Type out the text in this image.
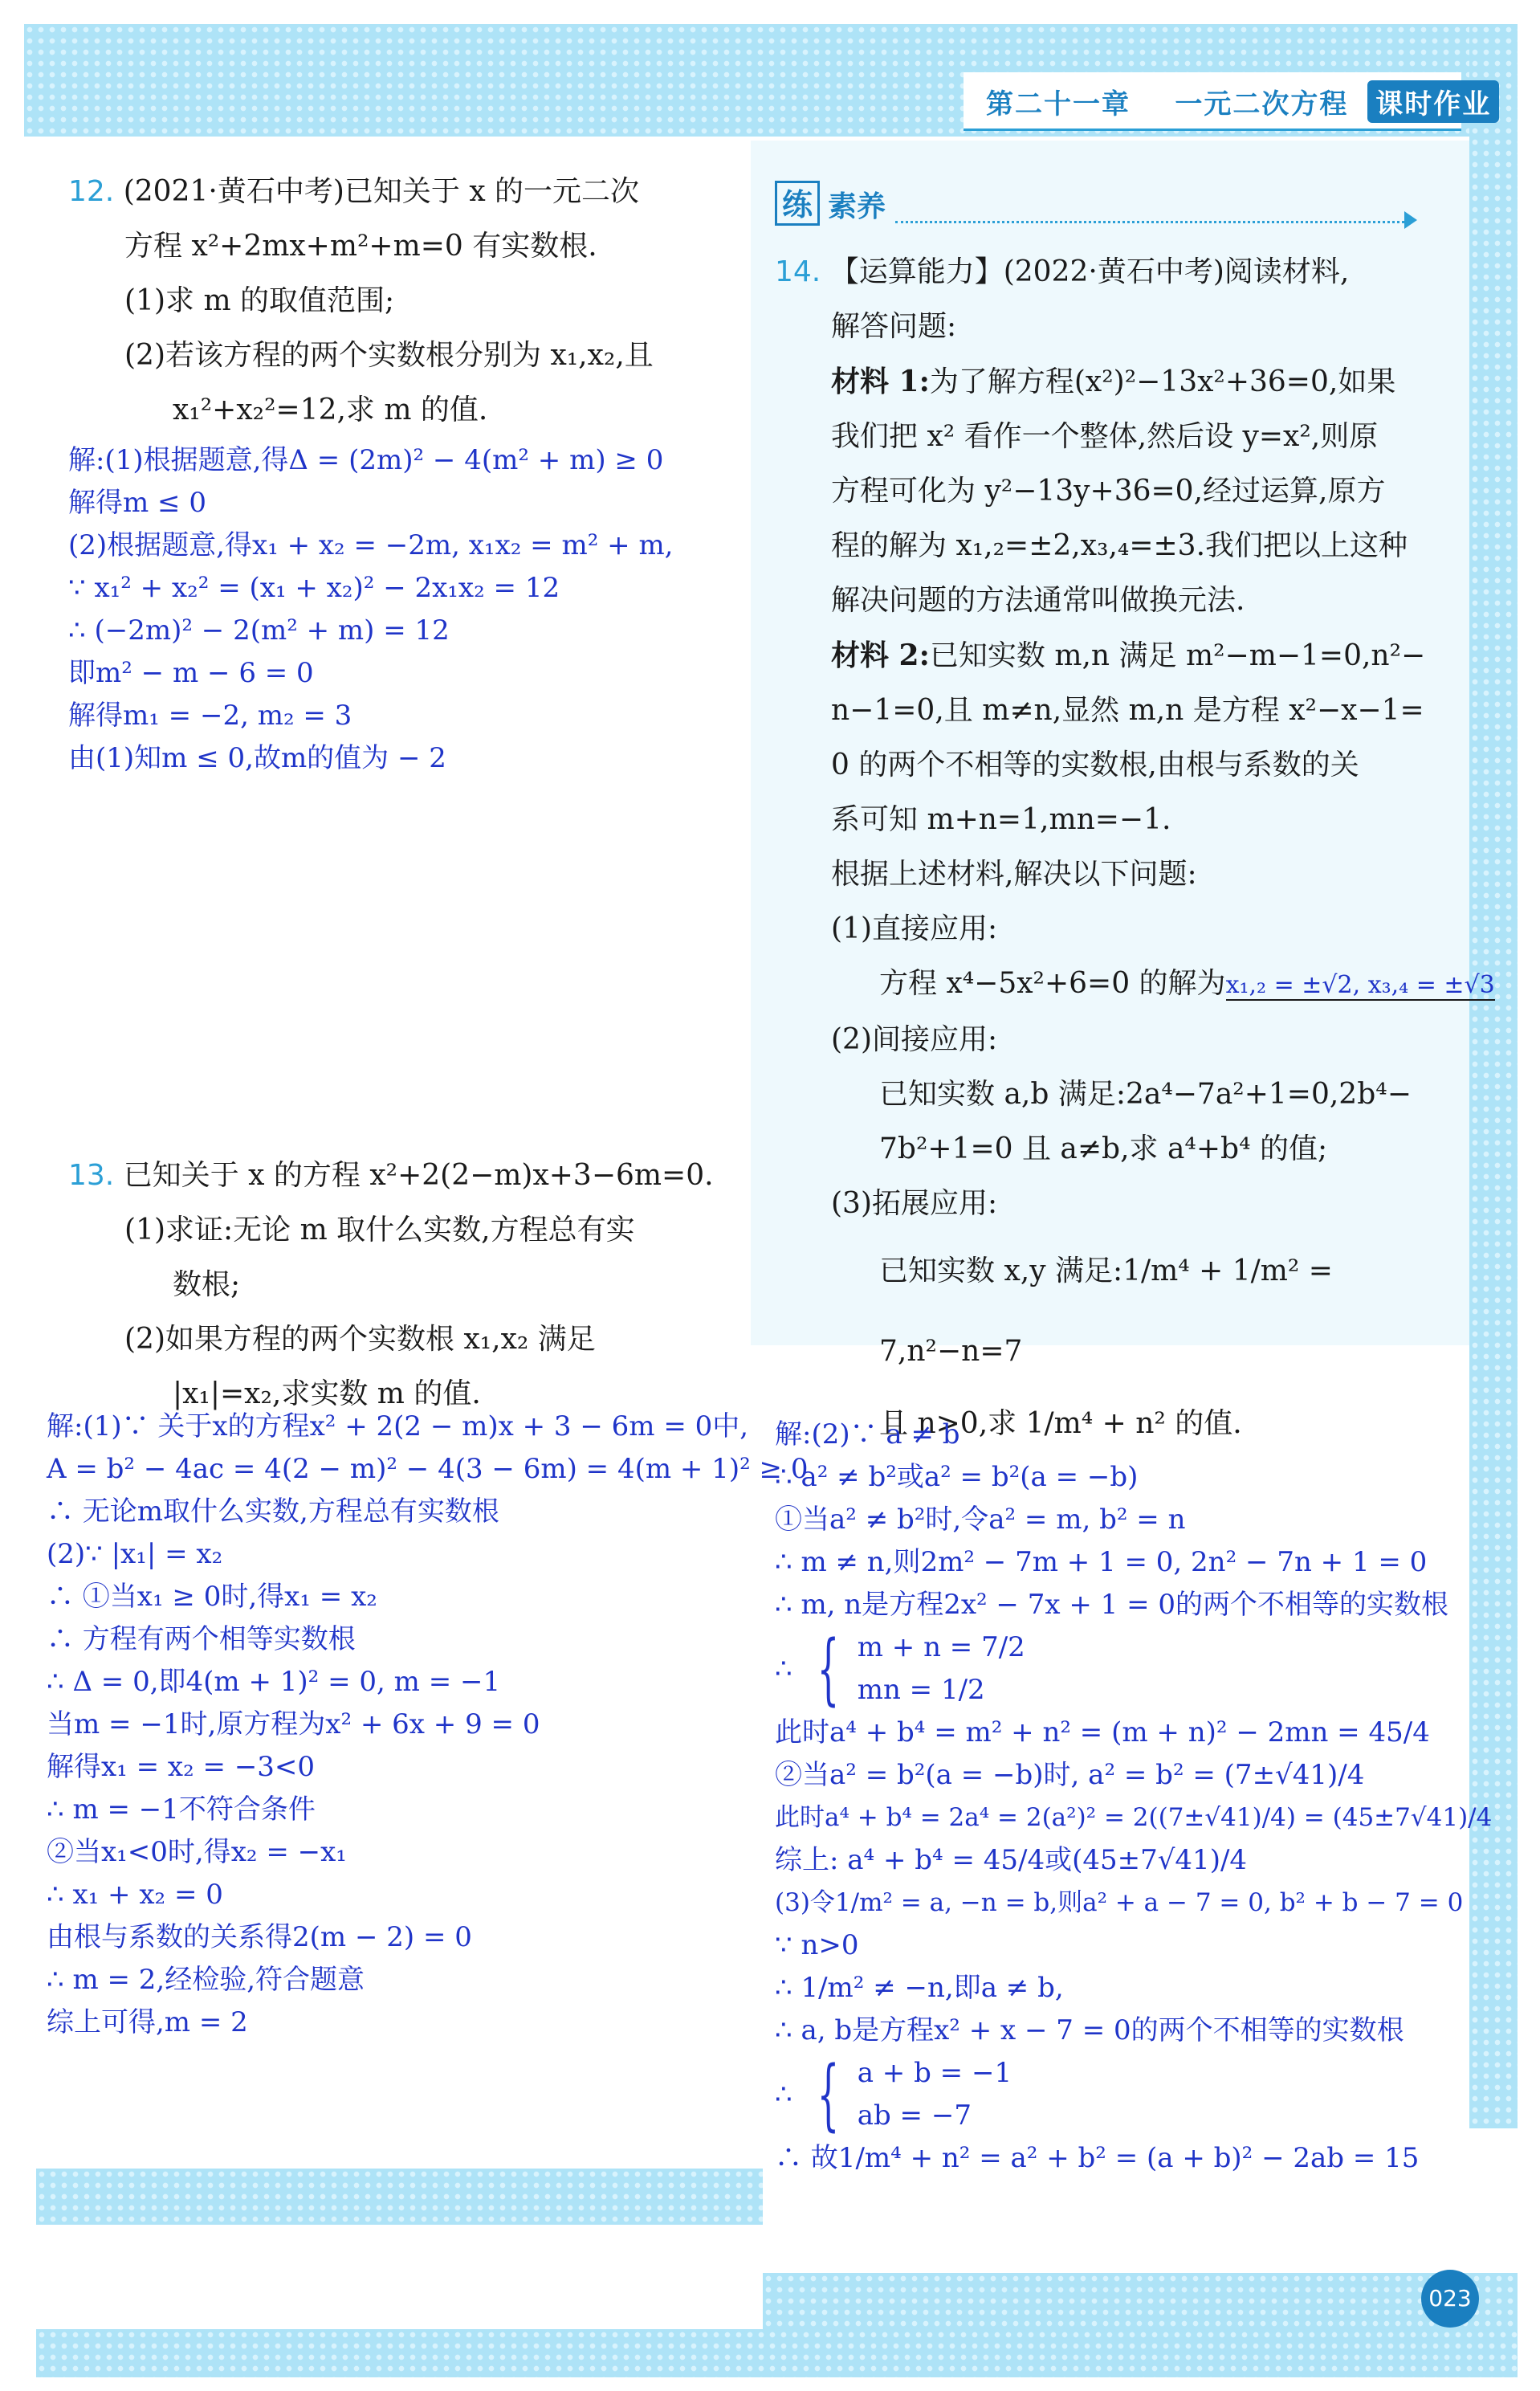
第二十一章 一元二次方程 课时作业
12. (2021·黄石中考)已知关于 x 的一元二次
方程 x²+2mx+m²+m=0 有实数根.
(1)求 m 的取值范围;
(2)若该方程的两个实数根分别为 x₁,x₂,且
x₁²+x₂²=12,求 m 的值.
解:(1)根据题意,得Δ = (2m)² − 4(m² + m) ≥ 0
解得m ≤ 0
(2)根据题意,得x₁ + x₂ = −2m, x₁x₂ = m² + m,
∵ x₁² + x₂² = (x₁ + x₂)² − 2x₁x₂ = 12
∴ (−2m)² − 2(m² + m) = 12
即m² − m − 6 = 0
解得m₁ = −2, m₂ = 3
由(1)知m ≤ 0,故m的值为 − 2
13. 已知关于 x 的方程 x²+2(2−m)x+3−6m=0.
(1)求证:无论 m 取什么实数,方程总有实
数根;
(2)如果方程的两个实数根 x₁,x₂ 满足
|x₁|=x₂,求实数 m 的值.
解:(1)∵ 关于x的方程x² + 2(2 − m)x + 3 − 6m = 0中,
A = b² − 4ac = 4(2 − m)² − 4(3 − 6m) = 4(m + 1)² ≥ 0
∴ 无论m取什么实数,方程总有实数根
(2)∵ |x₁| = x₂
∴ ①当x₁ ≥ 0时,得x₁ = x₂
∴ 方程有两个相等实数根
∴ Δ = 0,即4(m + 1)² = 0, m = −1
当m = −1时,原方程为x² + 6x + 9 = 0
解得x₁ = x₂ = −3<0
∴ m = −1不符合条件
②当x₁<0时,得x₂ = −x₁
∴ x₁ + x₂ = 0
由根与系数的关系得2(m − 2) = 0
∴ m = 2,经检验,符合题意
综上可得,m = 2
练 素养
14. 【运算能力】(2022·黄石中考)阅读材料,
解答问题:
材料 1:为了解方程(x²)²−13x²+36=0,如果
我们把 x² 看作一个整体,然后设 y=x²,则原
方程可化为 y²−13y+36=0,经过运算,原方
程的解为 x₁,₂=±2,x₃,₄=±3.我们把以上这种
解决问题的方法通常叫做换元法.
材料 2:已知实数 m,n 满足 m²−m−1=0,n²−
n−1=0,且 m≠n,显然 m,n 是方程 x²−x−1=
0 的两个不相等的实数根,由根与系数的关
系可知 m+n=1,mn=−1.
根据上述材料,解决以下问题:
(1)直接应用:
方程 x⁴−5x²+6=0 的解为x₁,₂ = ±√2, x₃,₄ = ±√3
(2)间接应用:
已知实数 a,b 满足:2a⁴−7a²+1=0,2b⁴−
7b²+1=0 且 a≠b,求 a⁴+b⁴ 的值;
(3)拓展应用:
已知实数 x,y 满足:1/m⁴ + 1/m² = 7,n²−n=7
且 n>0,求 1/m⁴ + n² 的值.
解:(2)∵ a ≠ b
∴ a² ≠ b²或a² = b²(a = −b)
①当a² ≠ b²时,令a² = m, b² = n
∴ m ≠ n,则2m² − 7m + 1 = 0, 2n² − 7n + 1 = 0
∴ m, n是方程2x² − 7x + 1 = 0的两个不相等的实数根
∴ { m + n = 7/2
mn = 1/2
此时a⁴ + b⁴ = m² + n² = (m + n)² − 2mn = 45/4
②当a² = b²(a = −b)时, a² = b² = (7±√41)/4
此时a⁴ + b⁴ = 2a⁴ = 2(a²)² = 2((7±√41)/4) = (45±7√41)/4
综上: a⁴ + b⁴ = 45/4或(45±7√41)/4
(3)令1/m² = a, −n = b,则a² + a − 7 = 0, b² + b − 7 = 0
∵ n>0
∴ 1/m² ≠ −n,即a ≠ b,
∴ a, b是方程x² + x − 7 = 0的两个不相等的实数根
∴ { a + b = −1
ab = −7
∴ 故1/m⁴ + n² = a² + b² = (a + b)² − 2ab = 15
023
